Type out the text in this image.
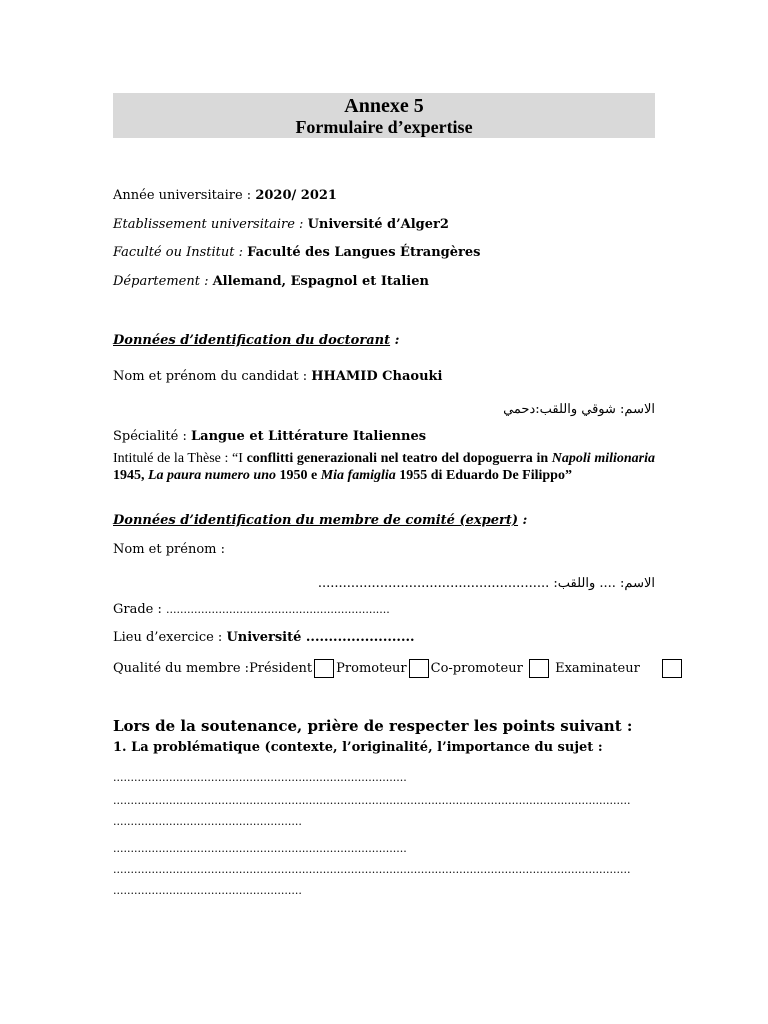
Annexe 5
Formulaire d’expertise
Année universitaire : 2020/ 2021
Etablissement universitaire : Université d’Alger2
Faculté ou Institut : Faculté des Langues Étrangères
Département : Allemand, Espagnol et Italien
Données d’identification du doctorant :
Nom et prénom du candidat : HHAMID Chaouki
الاسم: شوقي واللقب:دحمي
Spécialité : Langue et Littérature Italiennes
Intitulé de la Thèse : “I conflitti generazionali nel teatro del dopoguerra in Napoli milionaria 1945, La paura numero uno 1950 e Mia famiglia 1955 di Eduardo De Filippo”
Données d’identification du membre de comité (expert) :
Nom et prénom :
الاسم: .... واللقب: ........................................................
Grade : ................................................................
Lieu d’exercice : Université ........................
Qualité du membre :Président Promoteur Co-promoteur Examinateur
Lors de la soutenance, prière de respecter les points suivant :
1. La problématique (contexte, l’originalité, l’importance du sujet :
....................................................................................
....................................................................................................................................................
......................................................
....................................................................................
....................................................................................................................................................
......................................................
